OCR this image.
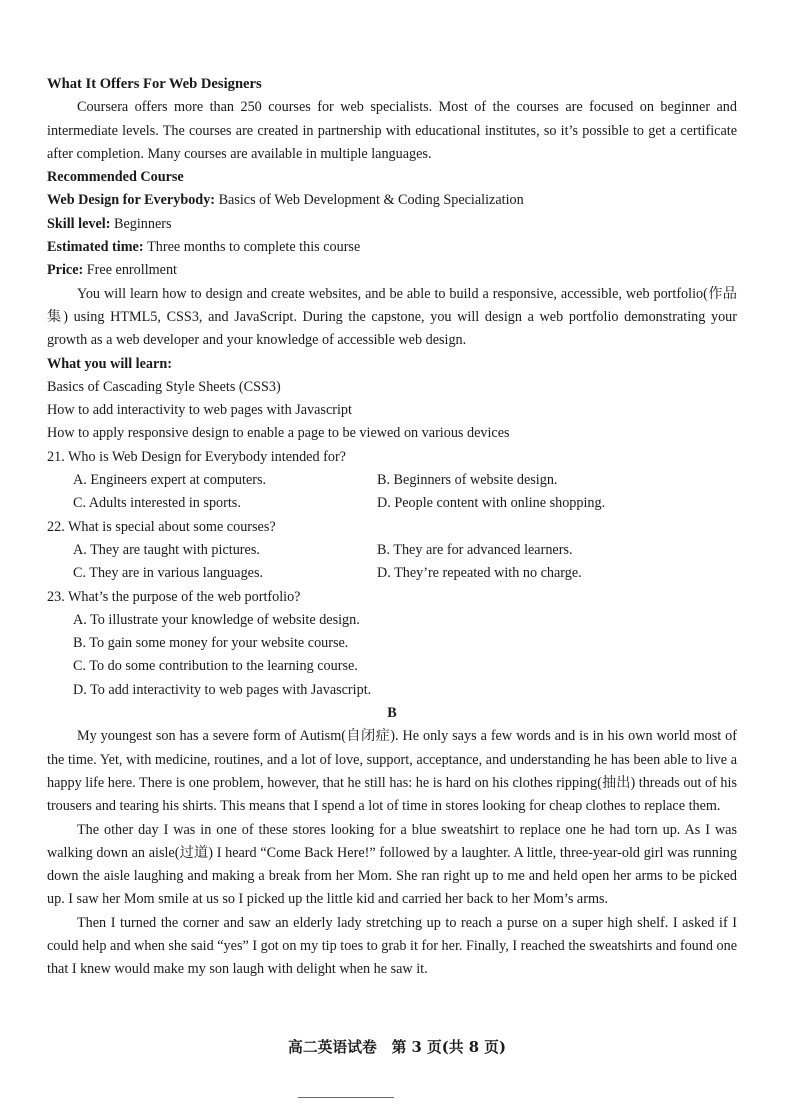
What It Offers For Web Designers

Coursera offers more than 250 courses for web specialists. Most of the courses are focused on beginner and intermediate levels. The courses are created in partnership with educational institutes, so it’s possible to get a certificate after completion. Many courses are available in multiple languages.

Recommended Course

Web Design for Everybody: Basics of Web Development & Coding Specialization

Skill level: Beginners

Estimated time: Three months to complete this course

Price: Free enrollment

You will learn how to design and create websites, and be able to build a responsive, accessible, web portfolio(作品集) using HTML5, CSS3, and JavaScript. During the capstone, you will design a web portfolio demonstrating your growth as a web developer and your knowledge of accessible web design.

What you will learn:

Basics of Cascading Style Sheets (CSS3)

How to add interactivity to web pages with Javascript

How to apply responsive design to enable a page to be viewed on various devices

21. Who is Web Design for Everybody intended for?

A. Engineers expert at computers.	B. Beginners of website design.
C. Adults interested in sports.	D. People content with online shopping.

22. What is special about some courses?

A. They are taught with pictures.	B. They are for advanced learners.
C. They are in various languages.	D. They’re repeated with no charge.

23. What’s the purpose of the web portfolio?

A. To illustrate your knowledge of website design.

B. To gain some money for your website course.

C. To do some contribution to the learning course.

D. To add interactivity to web pages with Javascript.

B

My youngest son has a severe form of Autism(自闭症). He only says a few words and is in his own world most of the time. Yet, with medicine, routines, and a lot of love, support, acceptance, and understanding he has been able to live a happy life here. There is one problem, however, that he still has: he is hard on his clothes ripping(抽出) threads out of his trousers and tearing his shirts. This means that I spend a lot of time in stores looking for cheap clothes to replace them.

The other day I was in one of these stores looking for a blue sweatshirt to replace one he had torn up. As I was walking down an aisle(过道) I heard “Come Back Here!” followed by a laughter. A little, three-year-old girl was running down the aisle laughing and making a break from her Mom. She ran right up to me and held open her arms to be picked up. I saw her Mom smile at us so I picked up the little kid and carried her back to her Mom’s arms.

Then I turned the corner and saw an elderly lady stretching up to reach a purse on a super high shelf. I asked if I could help and when she said “yes” I got on my tip toes to grab it for her. Finally, I reached the sweatshirts and found one that I knew would make my son laugh with delight when he saw it.

高二英语试卷　第 3 页(共 8 页)
